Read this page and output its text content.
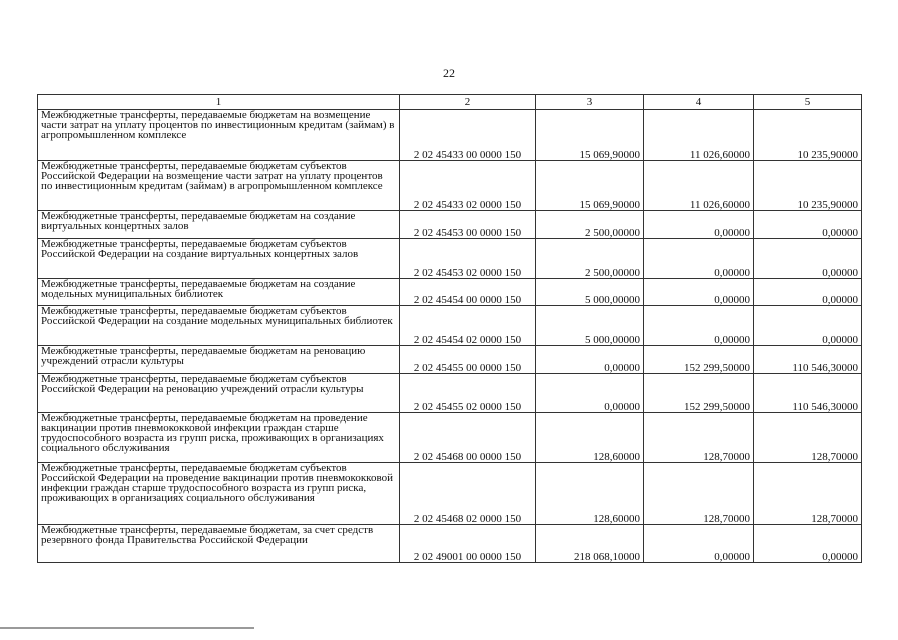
22
1	2	3	4	5
Межбюджетные трансферты, передаваемые бюджетам на возмещение части затрат на уплату процентов по инвестиционным кредитам (займам) в агропромышленном комплексе	2 02 45433 00 0000 150	15 069,90000	11 026,60000	10 235,90000
Межбюджетные трансферты, передаваемые бюджетам субъектов Российской Федерации на возмещение части затрат на уплату процентов по инвестиционным кредитам (займам) в агропромышленном комплексе	2 02 45433 02 0000 150	15 069,90000	11 026,60000	10 235,90000
Межбюджетные трансферты, передаваемые бюджетам на создание виртуальных концертных залов	2 02 45453 00 0000 150	2 500,00000	0,00000	0,00000
Межбюджетные трансферты, передаваемые бюджетам субъектов Российской Федерации на создание виртуальных концертных залов	2 02 45453 02 0000 150	2 500,00000	0,00000	0,00000
Межбюджетные трансферты, передаваемые бюджетам на создание модельных муниципальных библиотек	2 02 45454 00 0000 150	5 000,00000	0,00000	0,00000
Межбюджетные трансферты, передаваемые бюджетам субъектов Российской Федерации на создание модельных муниципальных библиотек	2 02 45454 02 0000 150	5 000,00000	0,00000	0,00000
Межбюджетные трансферты, передаваемые бюджетам на реновацию учреждений отрасли культуры	2 02 45455 00 0000 150	0,00000	152 299,50000	110 546,30000
Межбюджетные трансферты, передаваемые бюджетам субъектов Российской Федерации на реновацию учреждений отрасли культуры	2 02 45455 02 0000 150	0,00000	152 299,50000	110 546,30000
Межбюджетные трансферты, передаваемые бюджетам на проведение вакцинации против пневмококковой инфекции граждан старше трудоспособного возраста из групп риска, проживающих в организациях социального обслуживания	2 02 45468 00 0000 150	128,60000	128,70000	128,70000
Межбюджетные трансферты, передаваемые бюджетам субъектов Российской Федерации на проведение вакцинации против пневмококковой инфекции граждан старше трудоспособного возраста из групп риска, проживающих в организациях социального обслуживания	2 02 45468 02 0000 150	128,60000	128,70000	128,70000
Межбюджетные трансферты, передаваемые бюджетам, за счет средств резервного фонда Правительства Российской Федерации	2 02 49001 00 0000 150	218 068,10000	0,00000	0,00000
